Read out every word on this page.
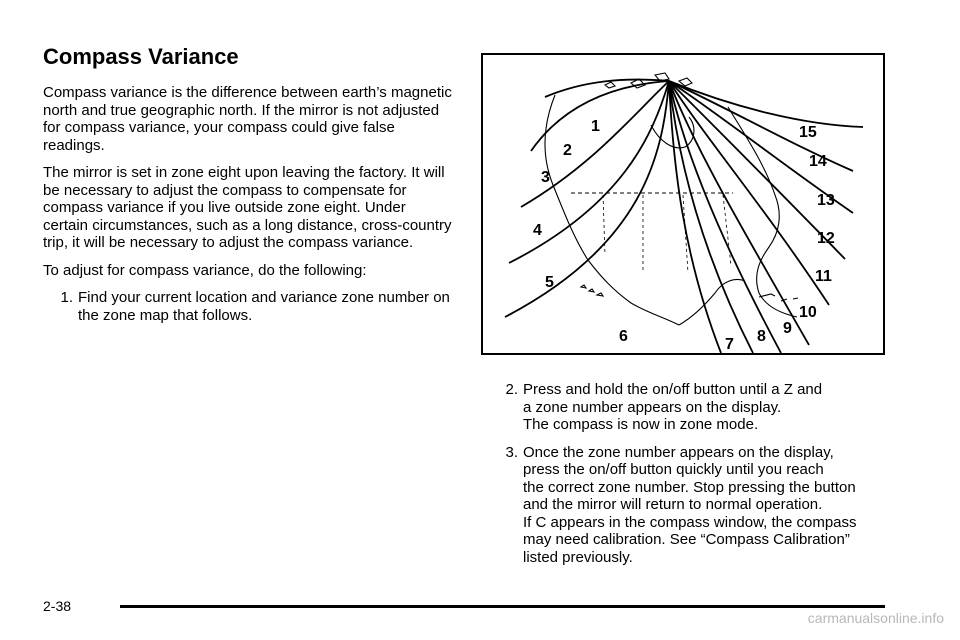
Compass Variance

Compass variance is the difference between earth’s magnetic north and true geographic north. If the mirror is not adjusted for compass variance, your compass could give false readings.

The mirror is set in zone eight upon leaving the factory. It will be necessary to adjust the compass to compensate for compass variance if you live outside zone eight. Under certain circumstances, such as a long distance, cross-country trip, it will be necessary to adjust the compass variance.

To adjust for compass variance, do the following:

1. Find your current location and variance zone number on the zone map that follows.
1
2
3
4
5
6	7 8 9
10
11
12
13
14
15
2. Press and hold the on/off button until a Z and
a zone number appears on the display.
The compass is now in zone mode.
3. Once the zone number appears on the display,
press the on/off button quickly until you reach
the correct zone number. Stop pressing the button
and the mirror will return to normal operation.
If C appears in the compass window, the compass
may need calibration. See “Compass Calibration”
listed previously.
2-38
carmanualsonline.info
